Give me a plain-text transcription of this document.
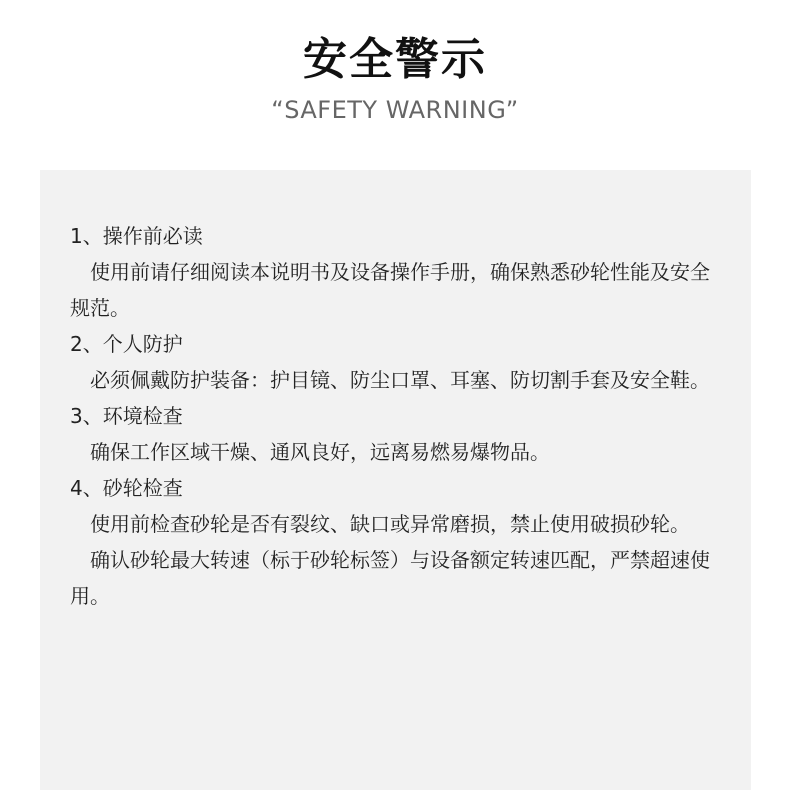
安全警示
“SAFETY WARNING”

1、操作前必读

使用前请仔细阅读本说明书及设备操作手册，确保熟悉砂轮性能及安全规范。

2、个人防护

必须佩戴防护装备：护目镜、防尘口罩、耳塞、防切割手套及安全鞋。

3、环境检查

确保工作区域干燥、通风良好，远离易燃易爆物品。

4、砂轮检查

使用前检查砂轮是否有裂纹、缺口或异常磨损，禁止使用破损砂轮。

确认砂轮最大转速（标于砂轮标签）与设备额定转速匹配，严禁超速使用。
